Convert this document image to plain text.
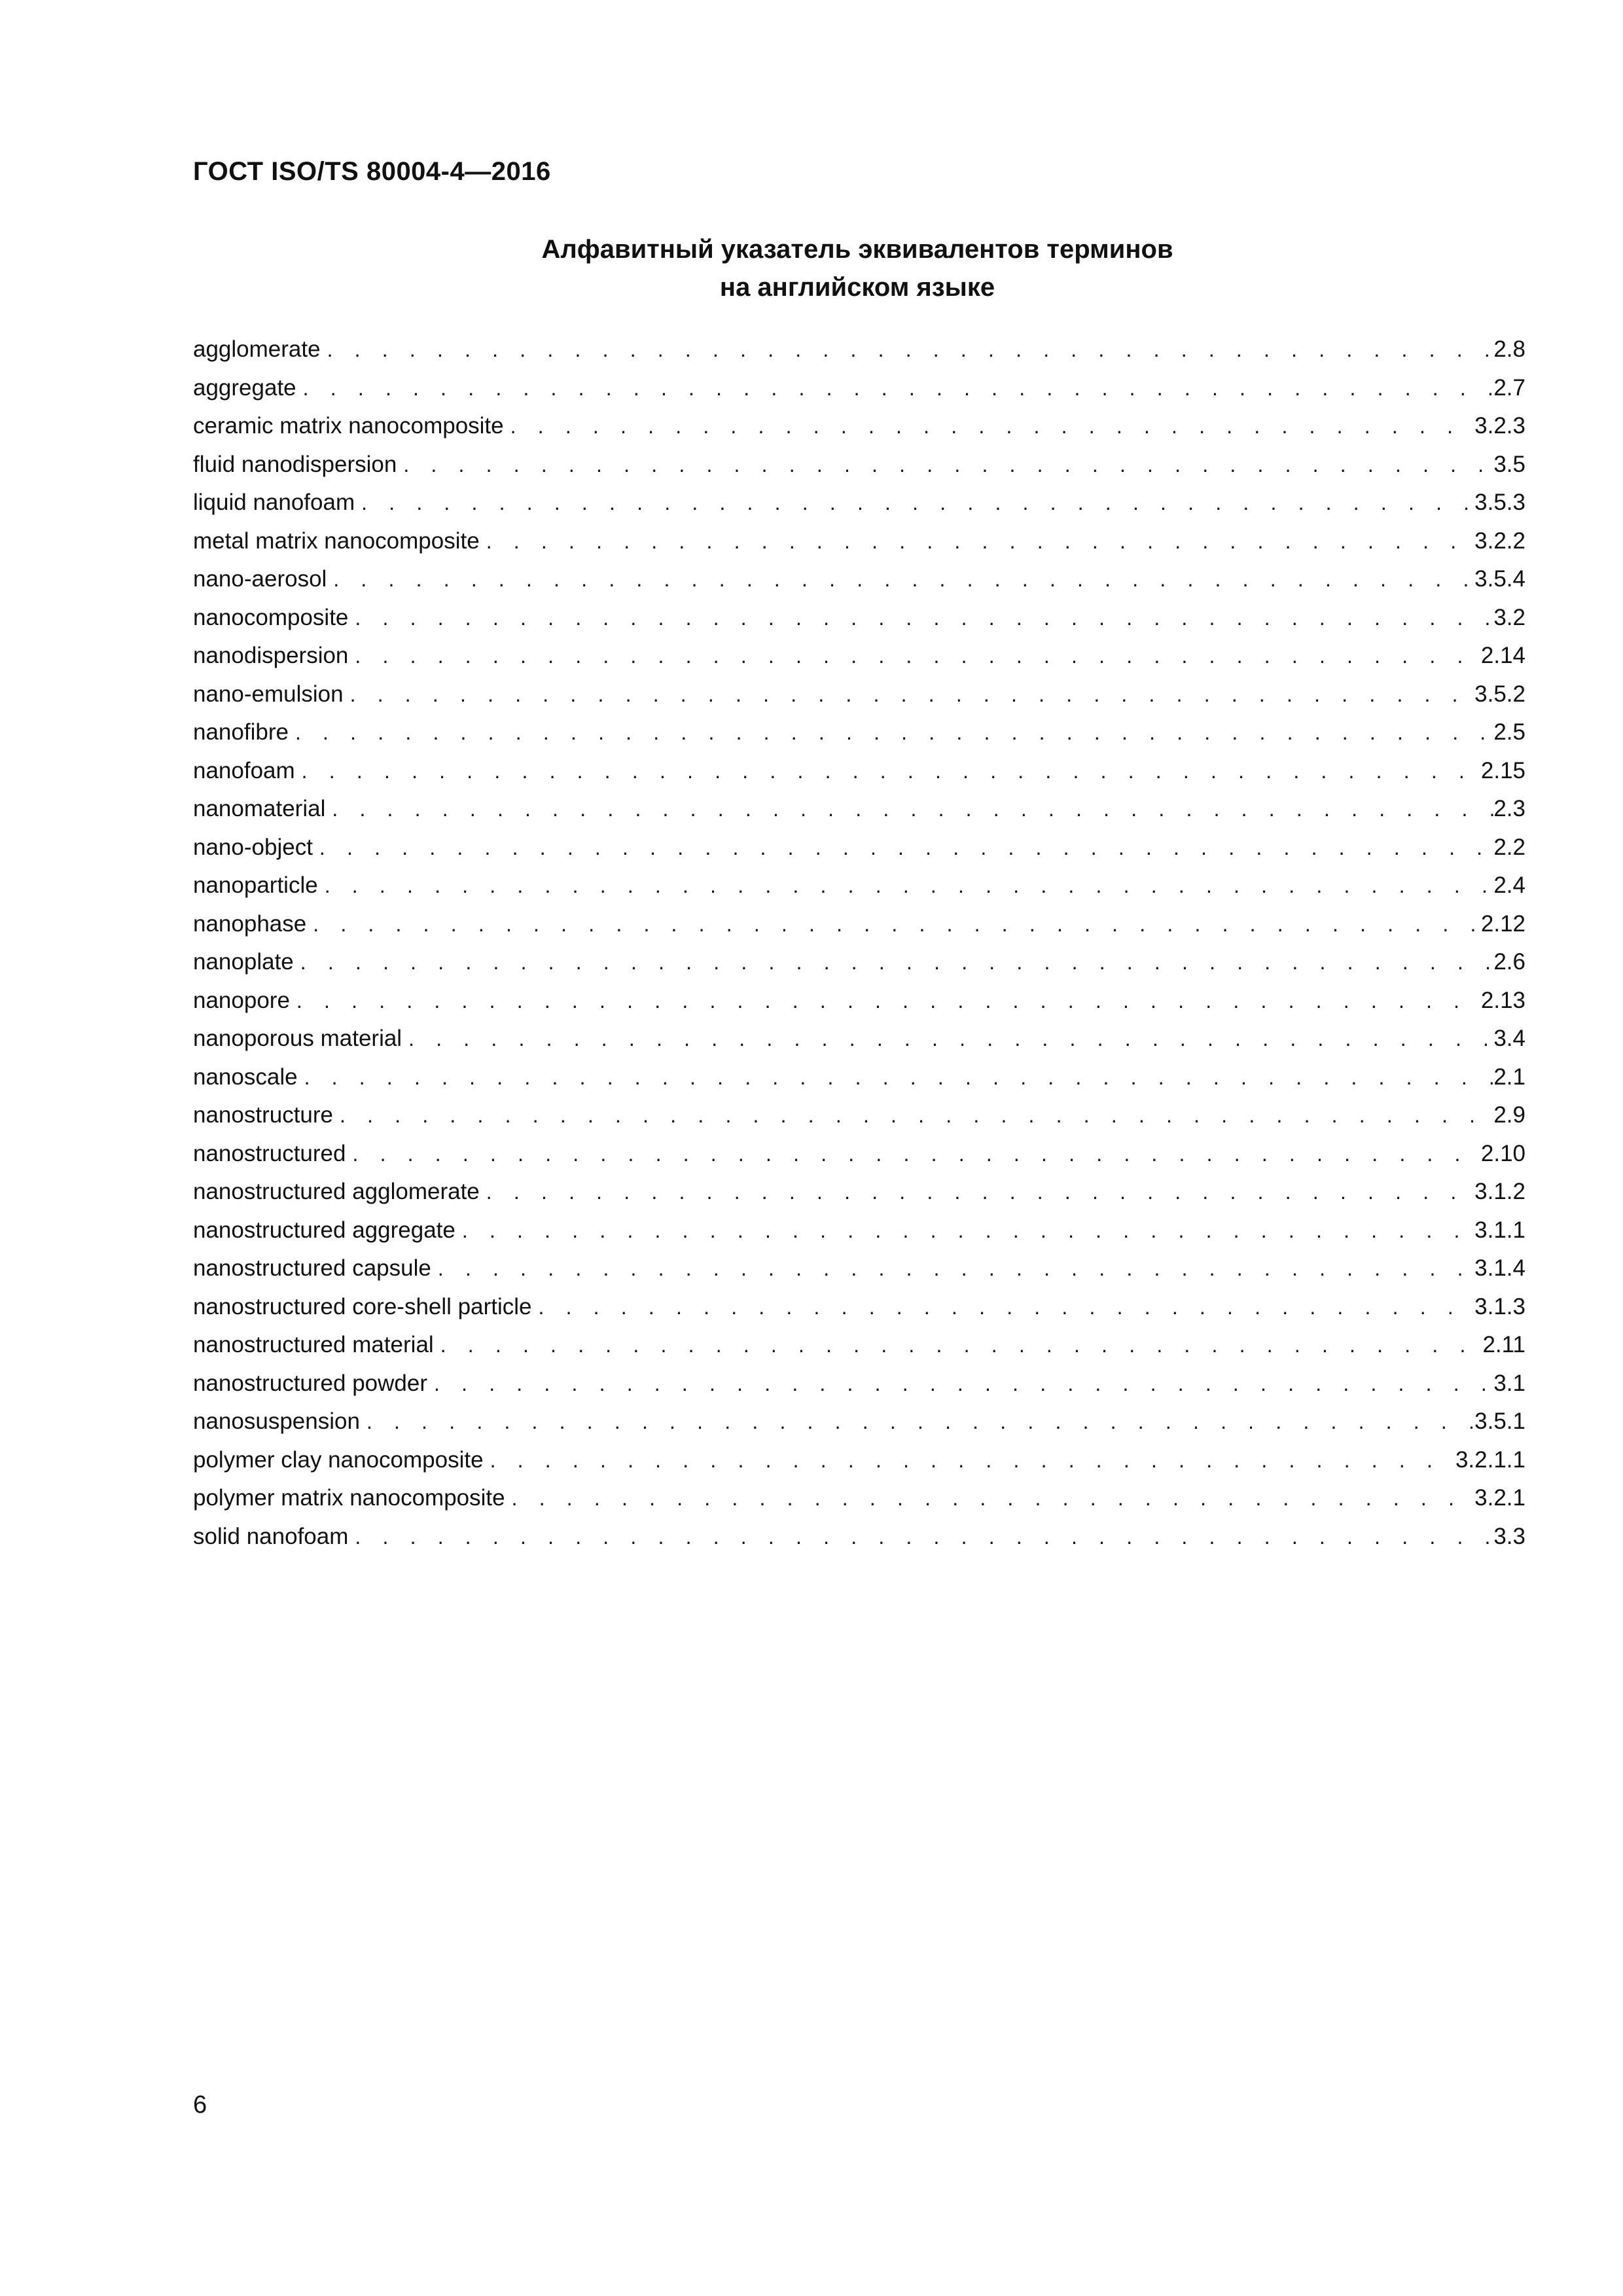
ГОСТ ISO/TS 80004-4—2016
Алфавитный указатель эквивалентов терминов
на английском языке
agglomerate . . .	2.8
aggregate . . .	2.7
ceramic matrix nanocomposite . . .	3.2.3
fluid nanodispersion . . .	3.5
liquid nanofoam . . .	3.5.3
metal matrix nanocomposite . . .	3.2.2
nano-aerosol . . .	3.5.4
nanocomposite . . .	3.2
nanodispersion . . .	2.14
nano-emulsion . . .	3.5.2
nanofibre . . .	2.5
nanofoam . . .	2.15
nanomaterial . . .	2.3
nano-object . . .	2.2
nanoparticle . . .	2.4
nanophase . . .	2.12
nanoplate . . .	2.6
nanopore . . .	2.13
nanoporous material . . .	3.4
nanoscale . . .	2.1
nanostructure . . .	2.9
nanostructured . . .	2.10
nanostructured agglomerate . . .	3.1.2
nanostructured aggregate . . .	3.1.1
nanostructured capsule . . .	3.1.4
nanostructured core-shell particle . . .	3.1.3
nanostructured material . . .	2.11
nanostructured powder . . .	3.1
nanosuspension . . .	3.5.1
polymer clay nanocomposite . . .	3.2.1.1
polymer matrix nanocomposite . . .	3.2.1
solid nanofoam . . .	3.3
6
